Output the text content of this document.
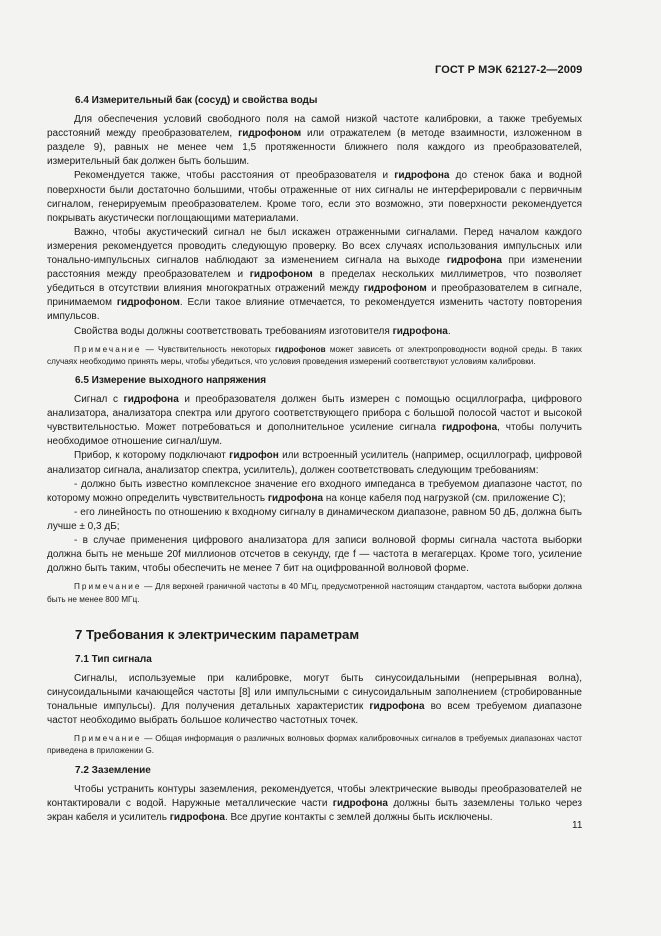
ГОСТ Р МЭК 62127-2—2009

6.4 Измерительный бак (сосуд) и свойства воды

Для обеспечения условий свободного поля на самой низкой частоте калибровки, а также требуемых расстояний между преобразователем, гидрофоном или отражателем (в методе взаимности, изложенном в разделе 9), равных не менее чем 1,5 протяженности ближнего поля каждого из преобразователей, измерительный бак должен быть большим.

Рекомендуется также, чтобы расстояния от преобразователя и гидрофона до стенок бака и водной поверхности были достаточно большими, чтобы отраженные от них сигналы не интерферировали с первичным сигналом, генерируемым преобразователем. Кроме того, если это возможно, эти поверхности рекомендуется покрывать акустически поглощающими материалами.

Важно, чтобы акустический сигнал не был искажен отраженными сигналами. Перед началом каждого измерения рекомендуется проводить следующую проверку. Во всех случаях использования импульсных или тонально-импульсных сигналов наблюдают за изменением сигнала на выходе гидрофона при изменении расстояния между преобразователем и гидрофоном в пределах нескольких миллиметров, что позволяет убедиться в отсутствии влияния многократных отражений между гидрофоном и преобразователем в сигнале, принимаемом гидрофоном. Если такое влияние отмечается, то рекомендуется изменить частоту повторения импульсов.

Свойства воды должны соответствовать требованиям изготовителя гидрофона.

Примечание — Чувствительность некоторых гидрофонов может зависеть от электропроводности водной среды. В таких случаях необходимо принять меры, чтобы убедиться, что условия проведения измерений соответствуют условиям калибровки.

6.5 Измерение выходного напряжения

Сигнал с гидрофона и преобразователя должен быть измерен с помощью осциллографа, цифрового анализатора, анализатора спектра или другого соответствующего прибора с большой полосой частот и высокой чувствительностью. Может потребоваться и дополнительное усиление сигнала гидрофона, чтобы получить необходимое отношение сигнал/шум.

Прибор, к которому подключают гидрофон или встроенный усилитель (например, осциллограф, цифровой анализатор сигнала, анализатор спектра, усилитель), должен соответствовать следующим требованиям:

- должно быть известно комплексное значение его входного импеданса в требуемом диапазоне частот, по которому можно определить чувствительность гидрофона на конце кабеля под нагрузкой (см. приложение С);

- его линейность по отношению к входному сигналу в динамическом диапазоне, равном 50 дБ, должна быть лучше ± 0,3 дБ;

- в случае применения цифрового анализатора для записи волновой формы сигнала частота выборки должна быть не меньше 20f миллионов отсчетов в секунду, где f — частота в мегагерцах. Кроме того, усиление должно быть таким, чтобы обеспечить не менее 7 бит на оцифрованной волновой форме.

Примечание — Для верхней граничной частоты в 40 МГц, предусмотренной настоящим стандартом, частота выборки должна быть не менее 800 МГц.

7 Требования к электрическим параметрам

7.1 Тип сигнала

Сигналы, используемые при калибровке, могут быть синусоидальными (непрерывная волна), синусоидальными качающейся частоты [8] или импульсными с синусоидальным заполнением (стробированные тональные импульсы). Для получения детальных характеристик гидрофона во всем требуемом диапазоне частот необходимо выбрать большое количество частотных точек.

Примечание — Общая информация о различных волновых формах калибровочных сигналов в требуемых диапазонах частот приведена в приложении G.

7.2 Заземление

Чтобы устранить контуры заземления, рекомендуется, чтобы электрические выводы преобразователей не контактировали с водой. Наружные металлические части гидрофона должны быть заземлены только через экран кабеля и усилитель гидрофона. Все другие контакты с землей должны быть исключены.

11
